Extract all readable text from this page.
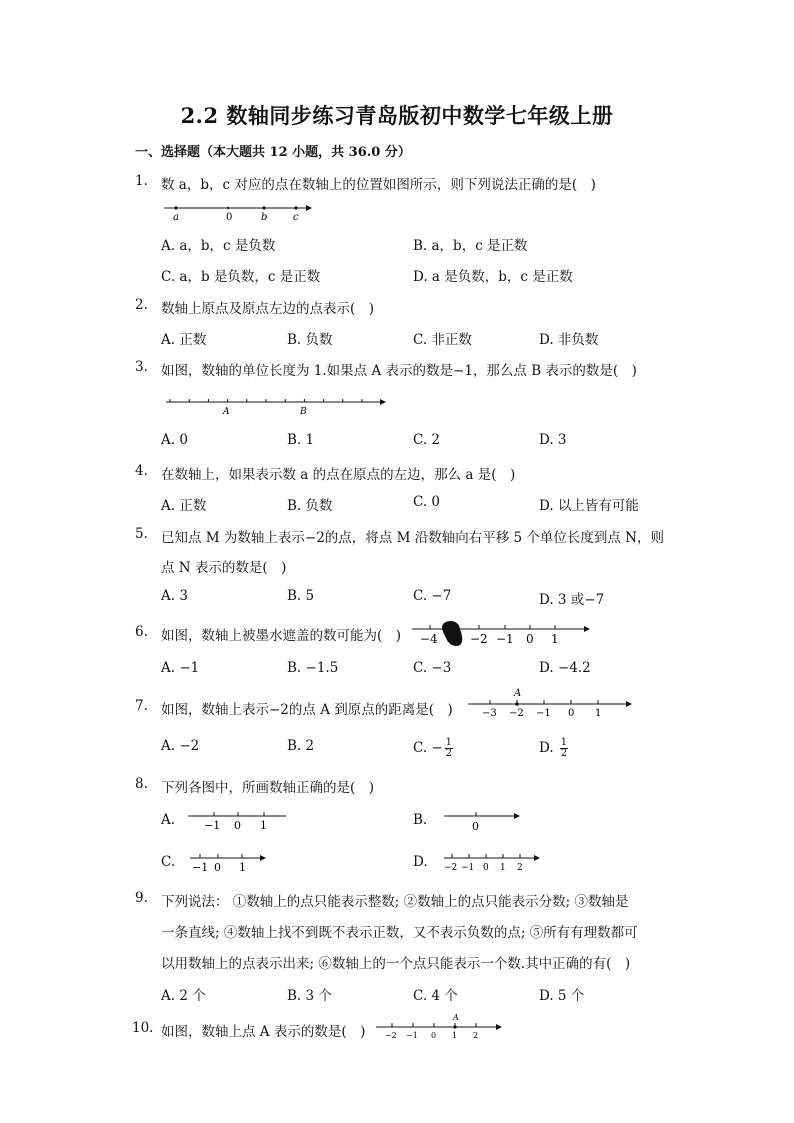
2.2 数轴同步练习青岛版初中数学七年级上册
一、选择题（本大题共 12 小题，共 36.0 分）
1. 数 a，b，c 对应的点在数轴上的位置如图所示，则下列说法正确的是(　)
a	0	b	c
A. a，b，c 是负数	B. a，b，c 是正数
C. a，b 是负数，c 是正数	D. a 是负数，b，c 是正数
2. 数轴上原点及原点左边的点表示(　)
A. 正数	B. 负数	C. 非正数	D. 非负数
3. 如图，数轴的单位长度为 1.如果点 A 表示的数是−1，那么点 B 表示的数是(　)
A	B
A. 0	B. 1	C. 2	D. 3
4. 在数轴上，如果表示数 a 的点在原点的左边，那么 a 是(　)
A. 正数	B. 负数	C. 0	D. 以上皆有可能
5. 已知点 M 为数轴上表示−2的点，将点 M 沿数轴向右平移 5 个单位长度到点 N，则
点 N 表示的数是(　)
A. 3	B. 5	C. −7	D. 3 或−7
6. 如图，数轴上被墨水遮盖的数可能为(　) −4	−2 −1 0 1
A. −1	B. −1.5	C. −3	D. −4.2
7. 如图，数轴上表示−2的点 A 到原点的距离是(　)
A
−3 −2 −1 0 1
A. −2	B. 2	C. − $\frac{1}{2}$	D. $\frac{1}{2}$
8. 下列各图中，所画数轴正确的是(　)
A.	−1 0 1	B.	0
C. −1 0 1	D. −2 −1 0 1 2
9. 下列说法： ①数轴上的点只能表示整数; ②数轴上的点只能表示分数; ③数轴是
一条直线; ④数轴上找不到既不表示正数，又不表示负数的点; ⑤所有有理数都可
以用数轴上的点表示出来; ⑥数轴上的一个点只能表示一个数.其中正确的有(　)
A. 2 个	B. 3 个	C. 4 个	D. 5 个
10. 如图，数轴上点 A 表示的数是(　)
A
−2 −1 0 1 2
